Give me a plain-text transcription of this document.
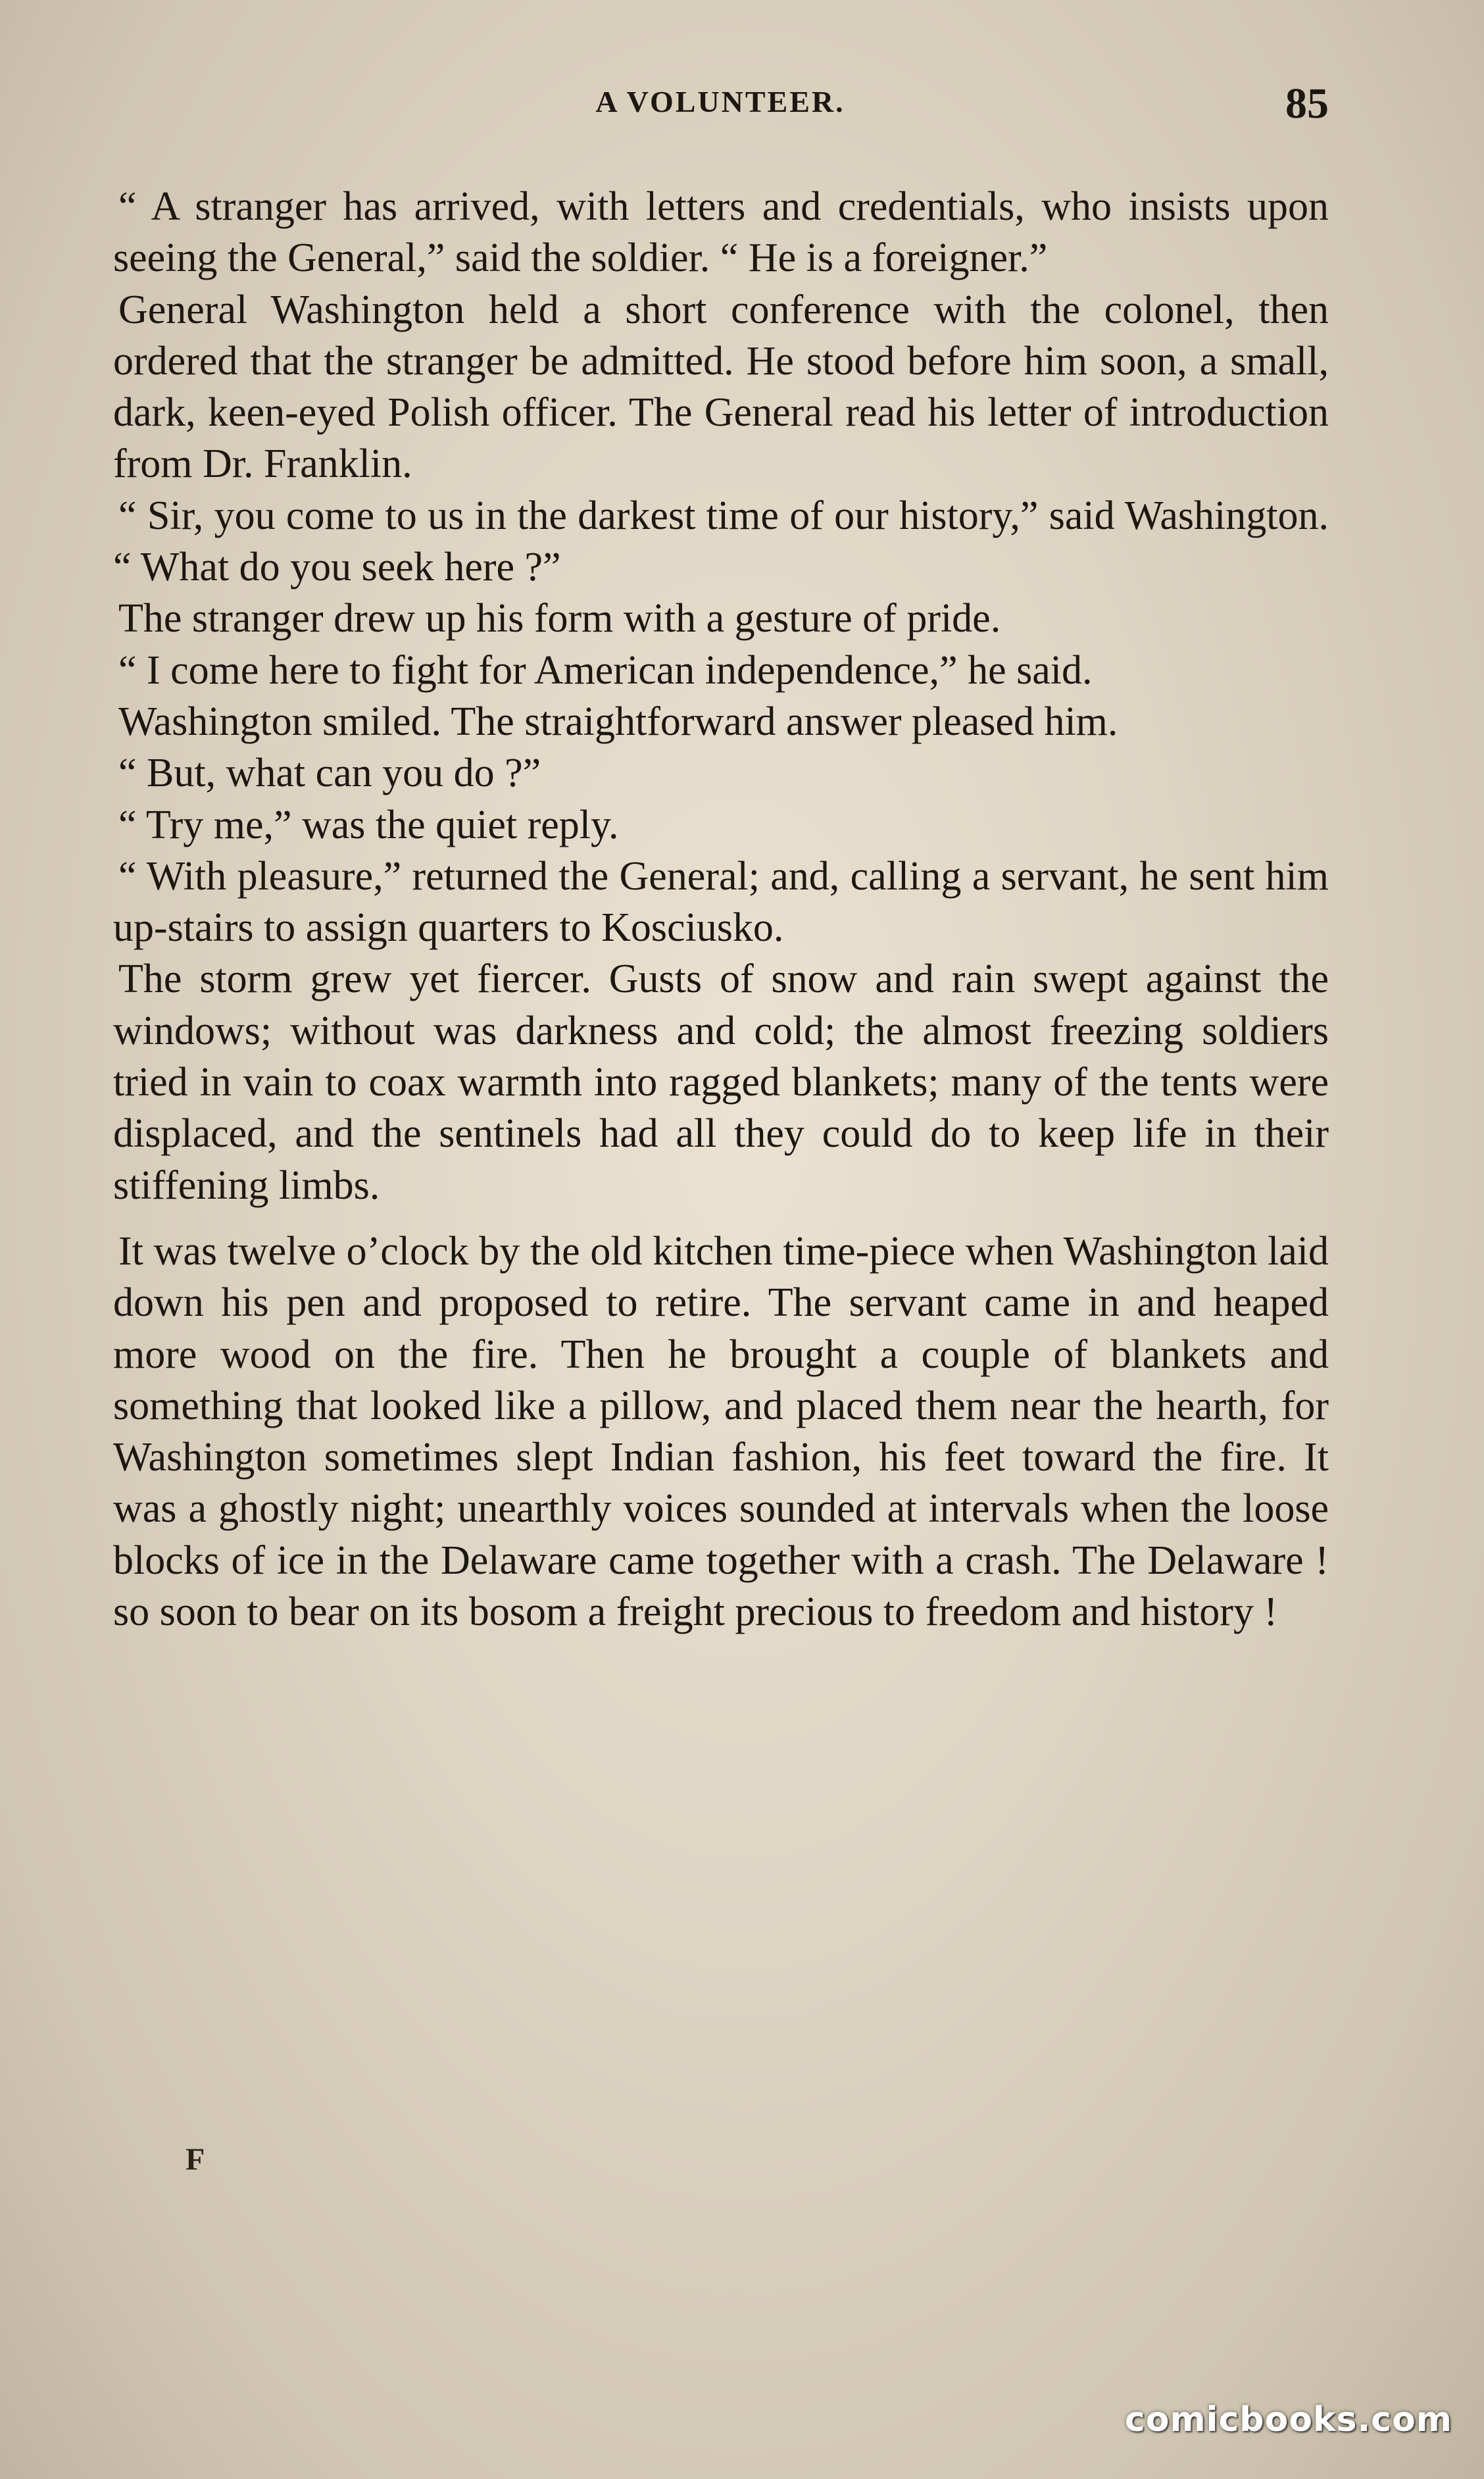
A VOLUNTEER.	85

“ A stranger has arrived, with letters and credentials, who insists upon seeing the General,” said the soldier. “ He is a foreigner.”

General Washington held a short conference with the colonel, then ordered that the stranger be admitted. He stood before him soon, a small, dark, keen-eyed Polish officer. The General read his letter of introduction from Dr. Franklin.

“ Sir, you come to us in the darkest time of our history,” said Washington. “ What do you seek here ?”

The stranger drew up his form with a gesture of pride.

“ I come here to fight for American independence,” he said.

Washington smiled. The straightforward answer pleased him.

“ But, what can you do ?”

“ Try me,” was the quiet reply.

“ With pleasure,” returned the General; and, calling a servant, he sent him up-stairs to assign quarters to Kosciusko.

The storm grew yet fiercer. Gusts of snow and rain swept against the windows; without was darkness and cold; the almost freezing soldiers tried in vain to coax warmth into ragged blankets; many of the tents were displaced, and the sentinels had all they could do to keep life in their stiffening limbs.

It was twelve o’clock by the old kitchen time-piece when Washington laid down his pen and proposed to retire. The servant came in and heaped more wood on the fire. Then he brought a couple of blankets and something that looked like a pillow, and placed them near the hearth, for Washington sometimes slept Indian fashion, his feet toward the fire. It was a ghostly night; unearthly voices sounded at intervals when the loose blocks of ice in the Delaware came together with a crash. The Delaware ! so soon to bear on its bosom a freight precious to freedom and history !

F
comicbooks.com
